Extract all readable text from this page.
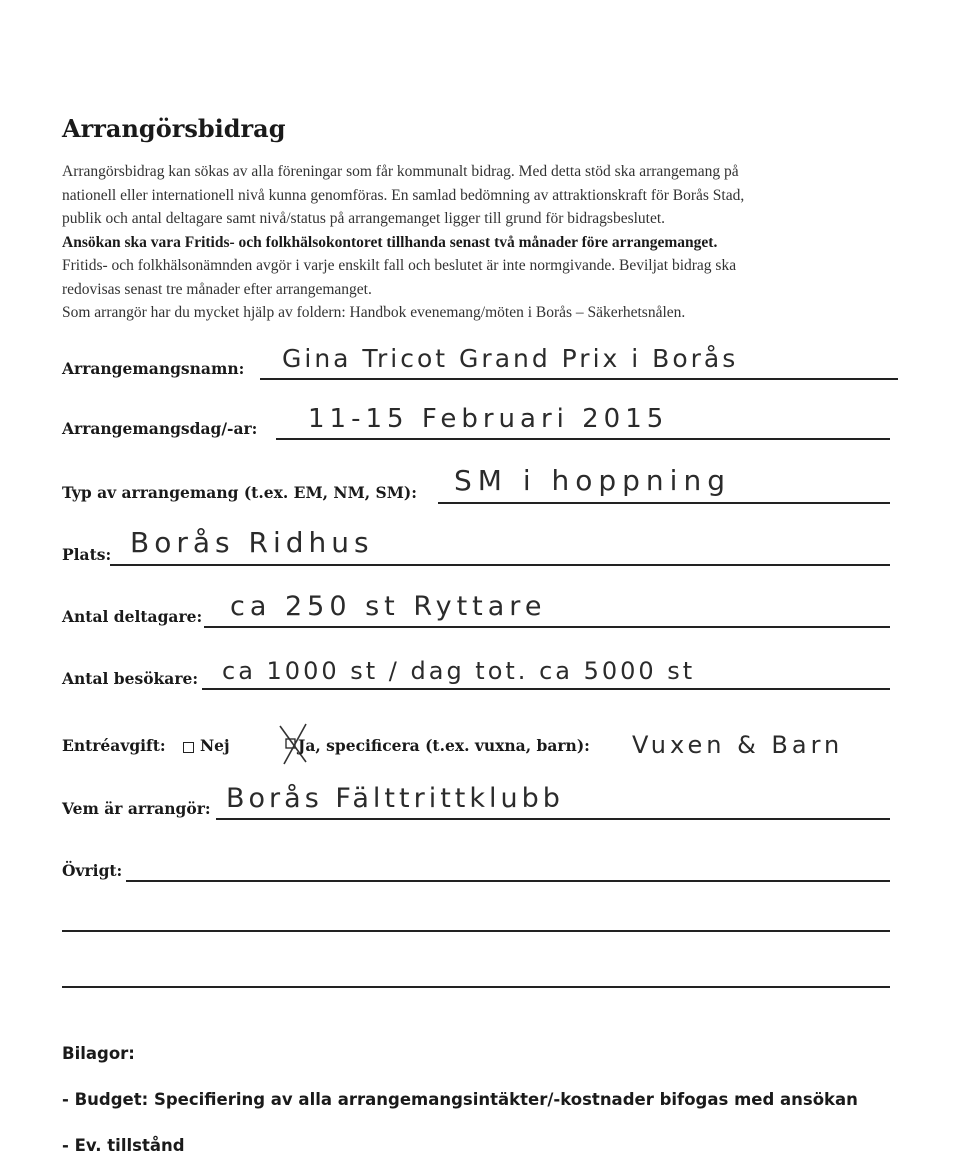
Arrangörsbidrag

Arrangörsbidrag kan sökas av alla föreningar som får kommunalt bidrag. Med detta stöd ska arrangemang på

nationell eller internationell nivå kunna genomföras. En samlad bedömning av attraktionskraft för Borås Stad,

publik och antal deltagare samt nivå/status på arrangemanget ligger till grund för bidragsbeslutet.

Ansökan ska vara Fritids- och folkhälsokontoret tillhanda senast två månader före arrangemanget.

Fritids- och folkhälsonämnden avgör i varje enskilt fall och beslutet är inte normgivande. Beviljat bidrag ska

redovisas senast tre månader efter arrangemanget.

Som arrangör har du mycket hjälp av foldern: Handbok evenemang/möten i Borås – Säkerhetsnålen.

Arrangemangsnamn: Gina Tricot Grand Prix i Borås
Arrangemangsdag/-ar: 11-15 Februari 2015
Typ av arrangemang (t.ex. EM, NM, SM): SM i hoppning
Plats: Borås Ridhus
Antal deltagare: ca 250 st Ryttare
Antal besökare: ca 1000 st / dag tot. ca 5000 st
Entréavgift: Nej	Ja, specificera (t.ex. vuxna, barn): Vuxen & Barn
Vem är arrangör: Borås Fälttrittklubb
Övrigt:
Bilagor:
- Budget: Specifiering av alla arrangemangsintäkter/-kostnader bifogas med ansökan
- Ev. tillstånd
